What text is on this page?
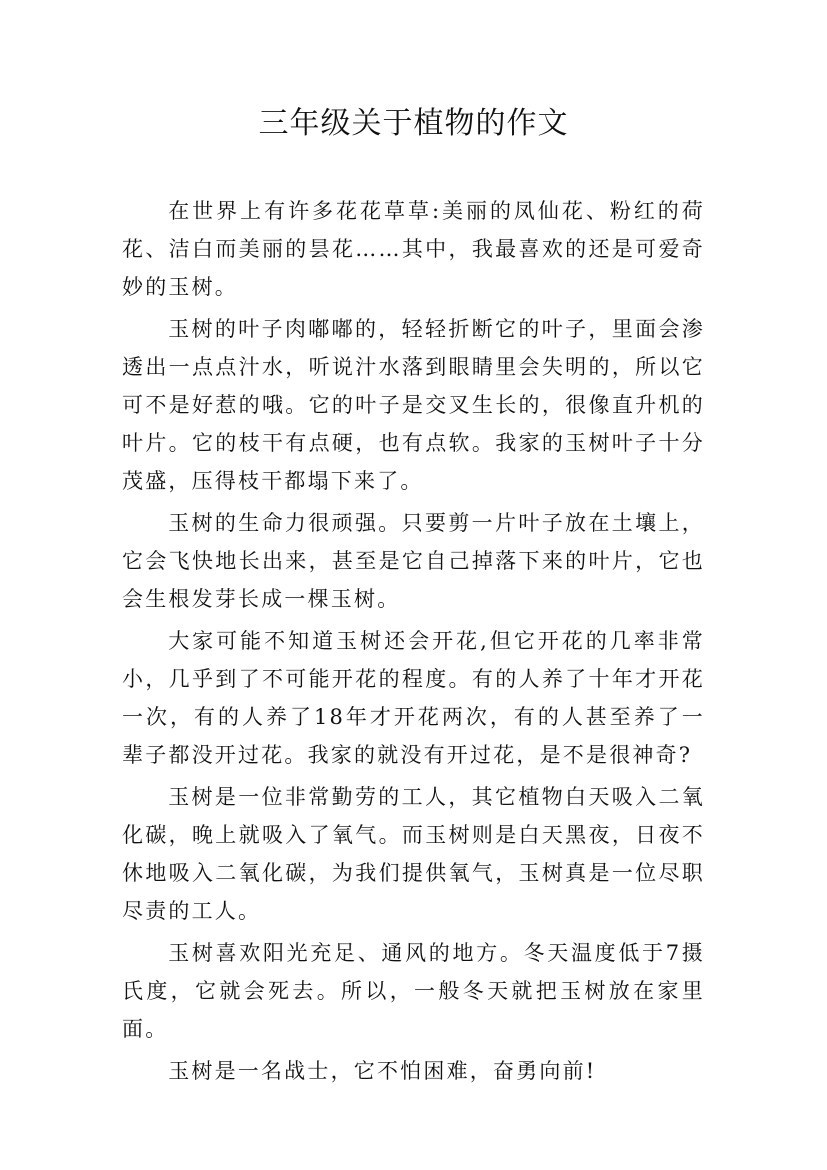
三年级关于植物的作文

在世界上有许多花花草草:美丽的凤仙花、粉红的荷花、洁白而美丽的昙花……其中，我最喜欢的还是可爱奇妙的玉树。

玉树的叶子肉嘟嘟的，轻轻折断它的叶子，里面会渗透出一点点汁水，听说汁水落到眼睛里会失明的，所以它可不是好惹的哦。它的叶子是交叉生长的，很像直升机的叶片。它的枝干有点硬，也有点软。我家的玉树叶子十分茂盛，压得枝干都塌下来了。

玉树的生命力很顽强。只要剪一片叶子放在土壤上，它会飞快地长出来，甚至是它自己掉落下来的叶片，它也会生根发芽长成一棵玉树。

大家可能不知道玉树还会开花,但它开花的几率非常小，几乎到了不可能开花的程度。有的人养了十年才开花一次，有的人养了18年才开花两次，有的人甚至养了一辈子都没开过花。我家的就没有开过花，是不是很神奇?

玉树是一位非常勤劳的工人，其它植物白天吸入二氧化碳，晚上就吸入了氧气。而玉树则是白天黑夜，日夜不休地吸入二氧化碳，为我们提供氧气，玉树真是一位尽职尽责的工人。

玉树喜欢阳光充足、通风的地方。冬天温度低于7摄氏度，它就会死去。所以，一般冬天就把玉树放在家里面。

玉树是一名战士，它不怕困难，奋勇向前!
